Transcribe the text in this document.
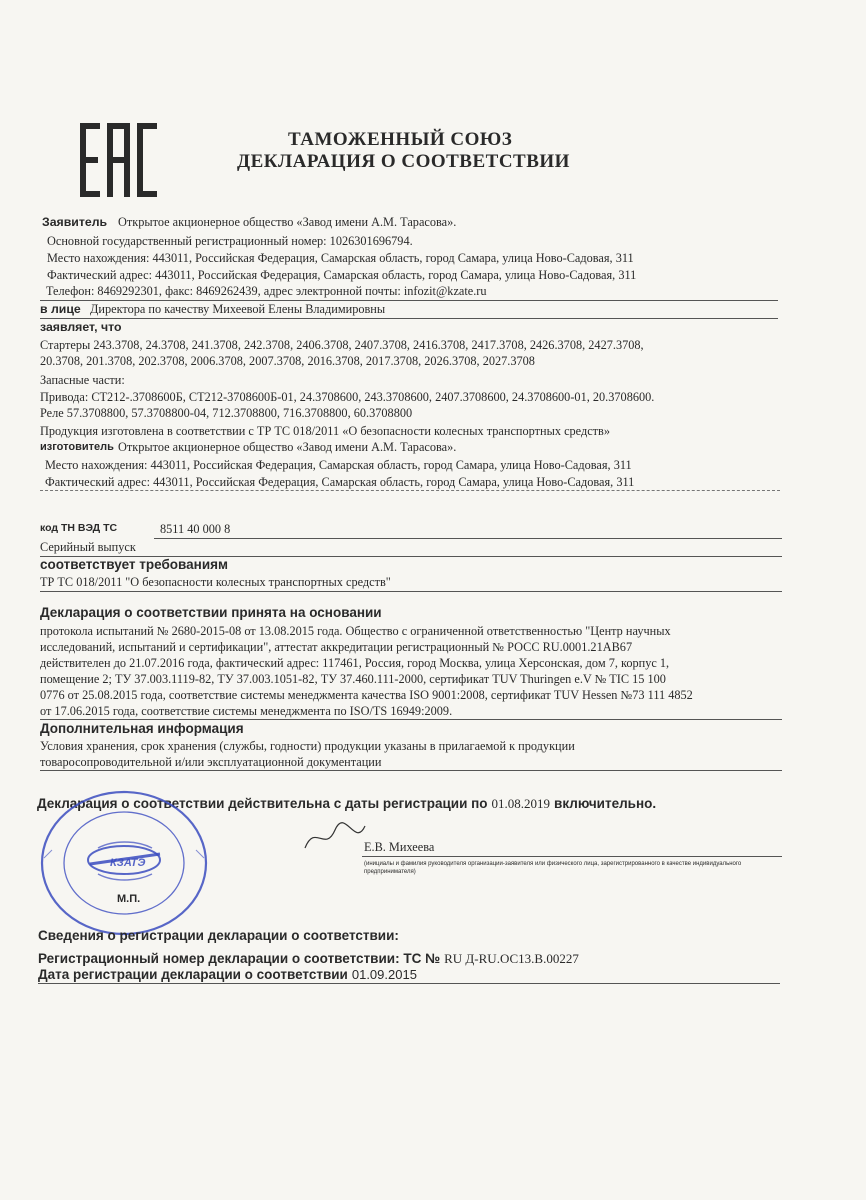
ТАМОЖЕННЫЙ СОЮЗ
ДЕКЛАРАЦИЯ О СООТВЕТСТВИИ
Заявитель Открытое акционерное общество «Завод имени А.М. Тарасова».
Основной государственный регистрационный номер: 1026301696794.
Место нахождения: 443011, Российская Федерация, Самарская область, город Самара, улица Ново-Садовая, 311
Фактический адрес: 443011, Российская Федерация, Самарская область, город Самара, улица Ново-Садовая, 311
Телефон: 8469292301, факс: 8469262439, адрес электронной почты: infozit@kzate.ru
в лице Директора по качеству Михеевой Елены Владимировны
заявляет, что
Стартеры 243.3708, 24.3708, 241.3708, 242.3708, 2406.3708, 2407.3708, 2416.3708, 2417.3708, 2426.3708, 2427.3708,
20.3708, 201.3708, 202.3708, 2006.3708, 2007.3708, 2016.3708, 2017.3708, 2026.3708, 2027.3708
Запасные части:
Привода: СТ212-.3708600Б, СТ212-3708600Б-01, 24.3708600, 243.3708600, 2407.3708600, 24.3708600-01, 20.3708600.
Реле 57.3708800, 57.3708800-04, 712.3708800, 716.3708800, 60.3708800
Продукция изготовлена в соответствии с ТР ТС 018/2011 «О безопасности колесных транспортных средств»
изготовитель Открытое акционерное общество «Завод имени А.М. Тарасова».
Место нахождения: 443011, Российская Федерация, Самарская область, город Самара, улица Ново-Садовая, 311
Фактический адрес: 443011, Российская Федерация, Самарская область, город Самара, улица Ново-Садовая, 311
код ТН ВЭД ТС	8511 40 000 8
Серийный выпуск
соответствует требованиям
ТР ТС 018/2011 "О безопасности колесных транспортных средств"
Декларация о соответствии принята на основании
протокола испытаний № 2680-2015-08 от 13.08.2015 года. Общество с ограниченной ответственностью "Центр научных
исследований, испытаний и сертификации", аттестат аккредитации регистрационный № РОСС RU.0001.21АВ67
действителен до 21.07.2016 года, фактический адрес: 117461, Россия, город Москва, улица Херсонская, дом 7, корпус 1,
помещение 2; ТУ 37.003.1119-82, ТУ 37.003.1051-82, ТУ 37.460.111-2000, сертификат TUV Thuringen e.V № TIC 15 100
0776 от 25.08.2015 года, соответствие системы менеджмента качества ISO 9001:2008, сертификат TUV Hessen №73 111 4852
от 17.06.2015 года, соответствие системы менеджмента по ISO/TS 16949:2009.
Дополнительная информация
Условия хранения, срок хранения (службы, годности) продукции указаны в прилагаемой к продукции
товаросопроводительной и/или эксплуатационной документации
Декларация о соответствии действительна с даты регистрации по 01.08.2019 включительно.
Е.В. Михеева
(инициалы и фамилия руководителя организации-заявителя или физического лица, зарегистрированного в качестве индивидуального предпринимателя)
КЗАТЭ
М.П.
Сведения о регистрации декларации о соответствии:
Регистрационный номер декларации о соответствии: ТС № RU Д-RU.ОС13.В.00227
Дата регистрации декларации о соответствии 01.09.2015
